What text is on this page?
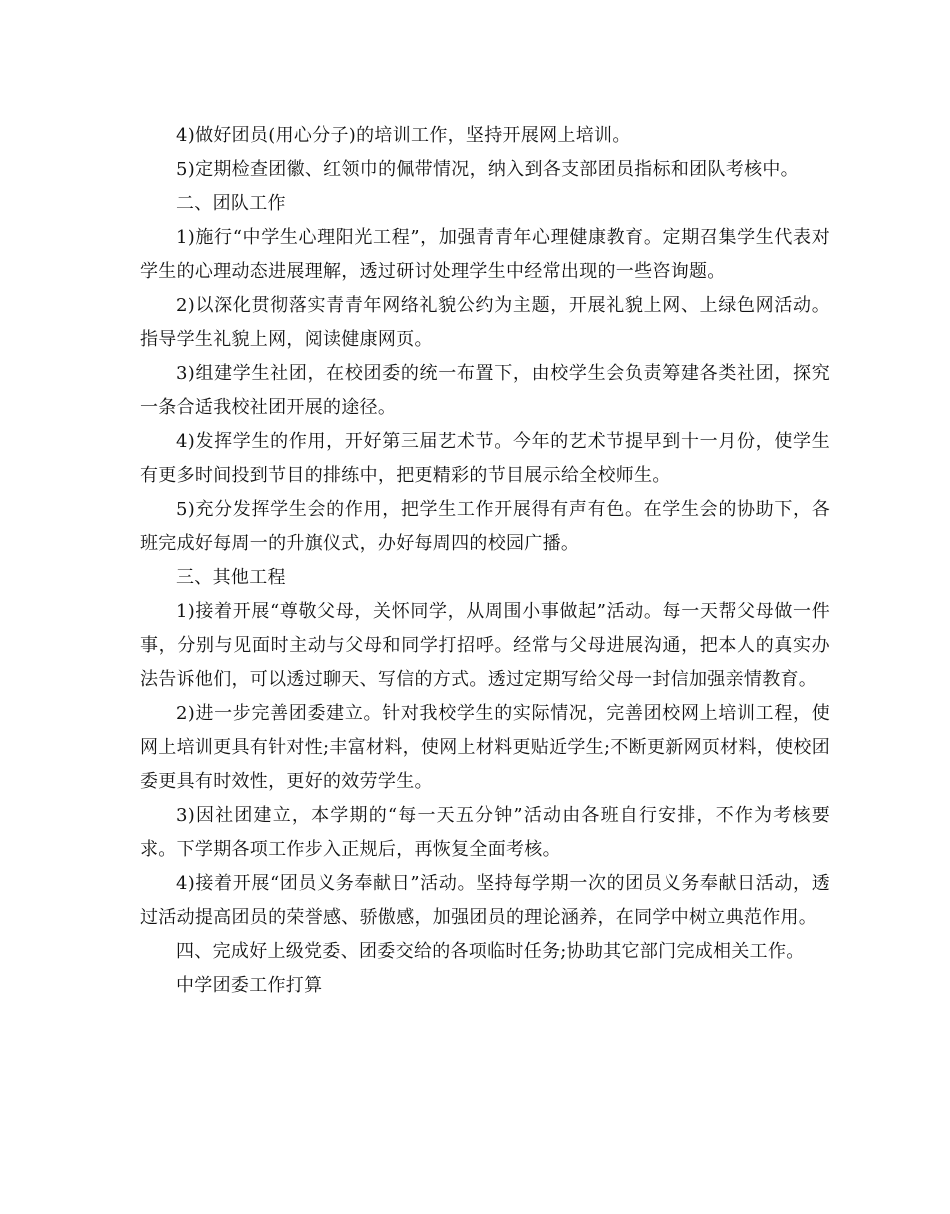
4)做好团员(用心分子)的培训工作，坚持开展网上培训。

5)定期检查团徽、红领巾的佩带情况，纳入到各支部团员指标和团队考核中。

二、团队工作

1)施行“中学生心理阳光工程”，加强青青年心理健康教育。定期召集学生代表对学生的心理动态进展理解，透过研讨处理学生中经常出现的一些咨询题。

2)以深化贯彻落实青青年网络礼貌公约为主题，开展礼貌上网、上绿色网活动。指导学生礼貌上网，阅读健康网页。

3)组建学生社团，在校团委的统一布置下，由校学生会负责筹建各类社团，探究一条合适我校社团开展的途径。

4)发挥学生的作用，开好第三届艺术节。今年的艺术节提早到十一月份，使学生有更多时间投到节目的排练中，把更精彩的节目展示给全校师生。

5)充分发挥学生会的作用，把学生工作开展得有声有色。在学生会的协助下，各班完成好每周一的升旗仪式，办好每周四的校园广播。

三、其他工程

1)接着开展“尊敬父母，关怀同学，从周围小事做起”活动。每一天帮父母做一件事，分别与见面时主动与父母和同学打招呼。经常与父母进展沟通，把本人的真实办法告诉他们，可以透过聊天、写信的方式。透过定期写给父母一封信加强亲情教育。

2)进一步完善团委建立。针对我校学生的实际情况，完善团校网上培训工程，使网上培训更具有针对性;丰富材料，使网上材料更贴近学生;不断更新网页材料，使校团委更具有时效性，更好的效劳学生。

3)因社团建立，本学期的“每一天五分钟”活动由各班自行安排，不作为考核要求。下学期各项工作步入正规后，再恢复全面考核。

4)接着开展“团员义务奉献日”活动。坚持每学期一次的团员义务奉献日活动，透过活动提高团员的荣誉感、骄傲感，加强团员的理论涵养，在同学中树立典范作用。

四、完成好上级党委、团委交给的各项临时任务;协助其它部门完成相关工作。

中学团委工作打算
